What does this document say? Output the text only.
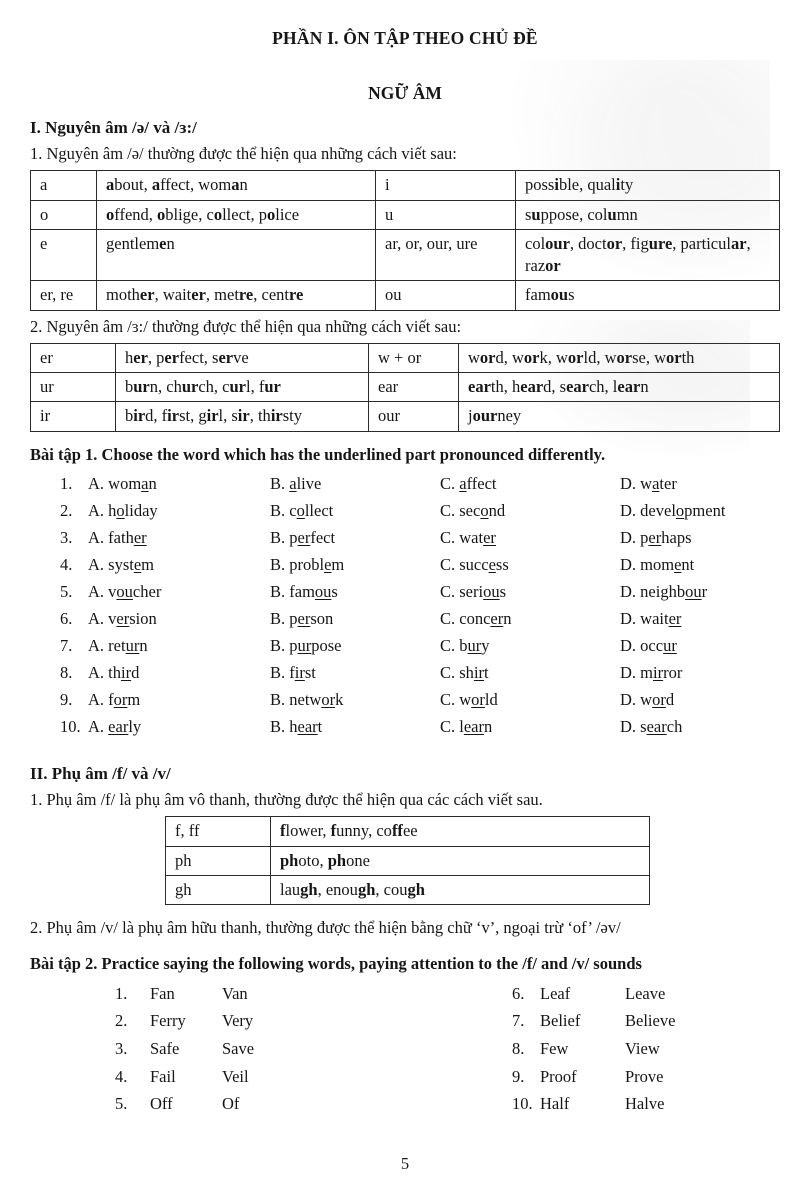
PHẦN I. ÔN TẬP THEO CHỦ ĐỀ
NGỮ ÂM
I. Nguyên âm /ə/ và /ɜ:/

1. Nguyên âm /ə/ thường được thể hiện qua những cách viết sau:

a	about, affect, woman	i	possible, quality
o	offend, oblige, collect, police	u	suppose, column
e	gentlemen	ar, or, our, ure	colour, doctor, figure, particular, razor
er, re	mother, waiter, metre, centre	ou	famous

2. Nguyên âm /ɜ:/ thường được thể hiện qua những cách viết sau:

er	her, perfect, serve	w + or	word, work, world, worse, worth
ur	burn, church, curl, fur	ear	earth, heard, search, learn
ir	bird, first, girl, sir, thirsty	our	journey
Bài tập 1. Choose the word which has the underlined part pronounced differently.
1. A. woman	B. alive	C. affect	D. water
2. A. holiday	B. collect	C. second	D. development
3. A. father	B. perfect	C. water	D. perhaps
4. A. system	B. problem	C. success	D. moment
5. A. voucher	B. famous	C. serious	D. neighbour
6. A. version	B. person	C. concern	D. waiter
7. A. return	B. purpose	C. bury	D. occur
8. A. third	B. first	C. shirt	D. mirror
9. A. form	B. network	C. world	D. word
10. A. early	B. heart	C. learn	D. search
II. Phụ âm /f/ và /v/

1. Phụ âm /f/ là phụ âm vô thanh, thường được thể hiện qua các cách viết sau.

f, ff	flower, funny, coffee
ph	photo, phone
gh	laugh, enough, cough

2. Phụ âm /v/ là phụ âm hữu thanh, thường được thể hiện bằng chữ ‘v’, ngoại trừ ‘of’ /əv/

Bài tập 2. Practice saying the following words, paying attention to the /f/ and /v/ sounds
1.	Fan	Van	6. Leaf	Leave
2.	Ferry	Very	7. Belief	Believe
3.	Safe	Save	8. Few	View
4.	Fail	Veil	9. Proof	Prove
5.	Off	Of	10. Half	Halve
5
